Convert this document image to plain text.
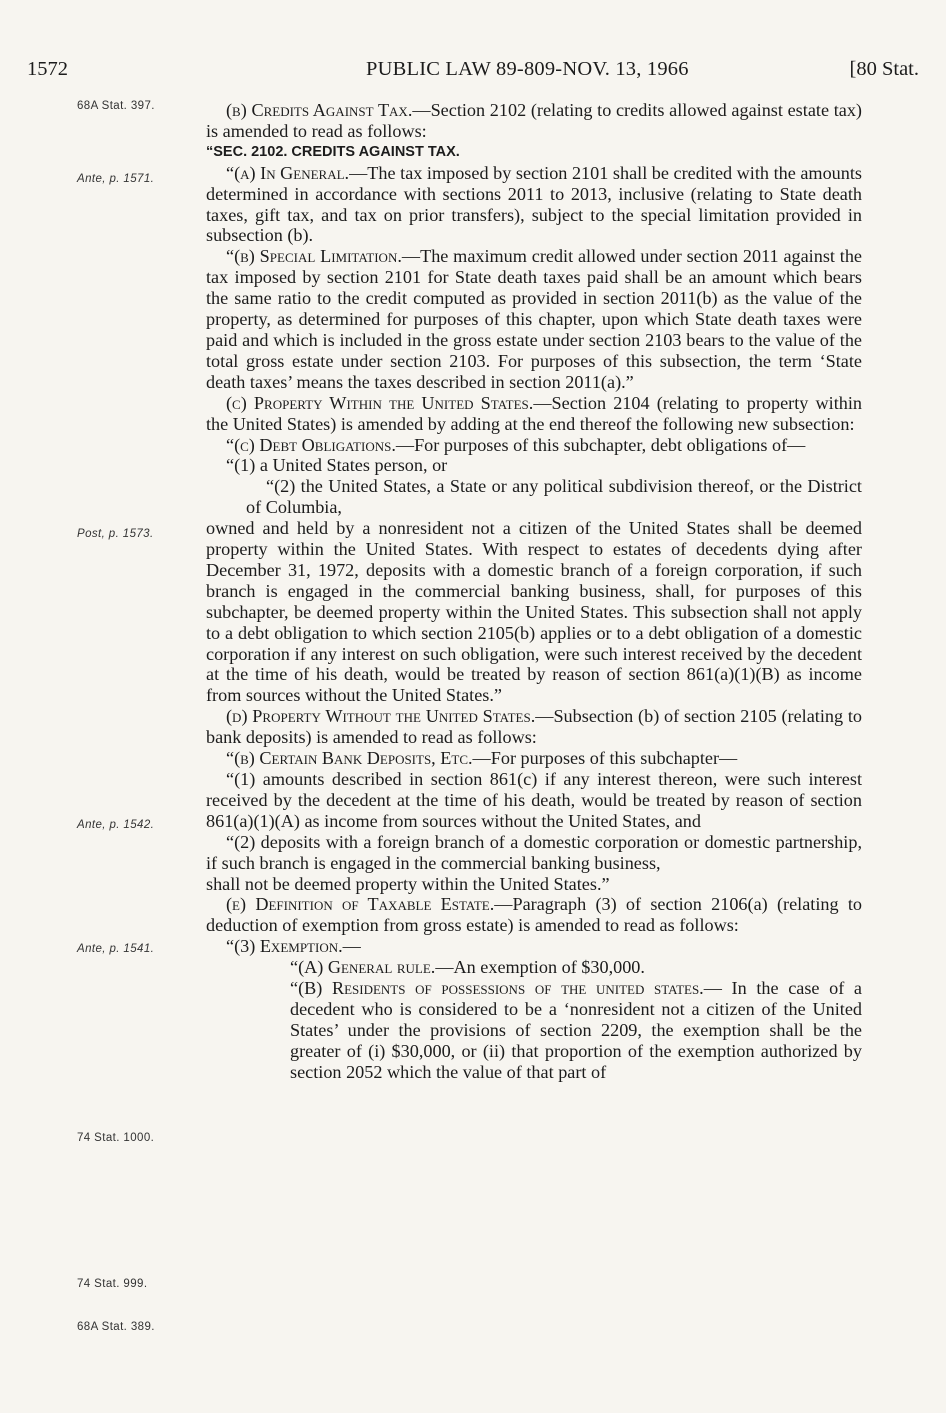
1572	PUBLIC LAW 89-809-NOV. 13, 1966	[80 Stat.
68A Stat. 397.
Ante, p. 1571.
Post, p. 1573.
Ante, p. 1542.
Ante, p. 1541.
74 Stat. 1000.
74 Stat. 999.
68A Stat. 389.

(b) Credits Against Tax.—Section 2102 (relating to credits allowed against estate tax) is amended to read as follows:

“SEC. 2102. CREDITS AGAINST TAX.

“(a) In General.—The tax imposed by section 2101 shall be credited with the amounts determined in accordance with sections 2011 to 2013, inclusive (relating to State death taxes, gift tax, and tax on prior transfers), subject to the special limitation provided in subsection (b).

“(b) Special Limitation.—The maximum credit allowed under section 2011 against the tax imposed by section 2101 for State death taxes paid shall be an amount which bears the same ratio to the credit computed as provided in section 2011(b) as the value of the property, as determined for purposes of this chapter, upon which State death taxes were paid and which is included in the gross estate under section 2103 bears to the value of the total gross estate under section 2103. For purposes of this subsection, the term ‘State death taxes’ means the taxes described in section 2011(a).”

(c) Property Within the United States.—Section 2104 (relating to property within the United States) is amended by adding at the end thereof the following new subsection:

“(c) Debt Obligations.—For purposes of this subchapter, debt obligations of—

“(1) a United States person, or

“(2) the United States, a State or any political subdivision thereof, or the District of Columbia,

owned and held by a nonresident not a citizen of the United States shall be deemed property within the United States. With respect to estates of decedents dying after December 31, 1972, deposits with a domestic branch of a foreign corporation, if such branch is engaged in the commercial banking business, shall, for purposes of this subchapter, be deemed property within the United States. This subsection shall not apply to a debt obligation to which section 2105(b) applies or to a debt obligation of a domestic corporation if any interest on such obligation, were such interest received by the decedent at the time of his death, would be treated by reason of section 861(a)(1)(B) as income from sources without the United States.”

(d) Property Without the United States.—Subsection (b) of section 2105 (relating to bank deposits) is amended to read as follows:

“(b) Certain Bank Deposits, Etc.—For purposes of this subchapter—

“(1) amounts described in section 861(c) if any interest thereon, were such interest received by the decedent at the time of his death, would be treated by reason of section 861(a)(1)(A) as income from sources without the United States, and

“(2) deposits with a foreign branch of a domestic corporation or domestic partnership, if such branch is engaged in the commercial banking business,

shall not be deemed property within the United States.”

(e) Definition of Taxable Estate.—Paragraph (3) of section 2106(a) (relating to deduction of exemption from gross estate) is amended to read as follows:

“(3) Exemption.—

“(A) General rule.—An exemption of $30,000.

“(B) Residents of possessions of the united states.— In the case of a decedent who is considered to be a ‘nonresident not a citizen of the United States’ under the provisions of section 2209, the exemption shall be the greater of (i) $30,000, or (ii) that proportion of the exemption authorized by section 2052 which the value of that part of
